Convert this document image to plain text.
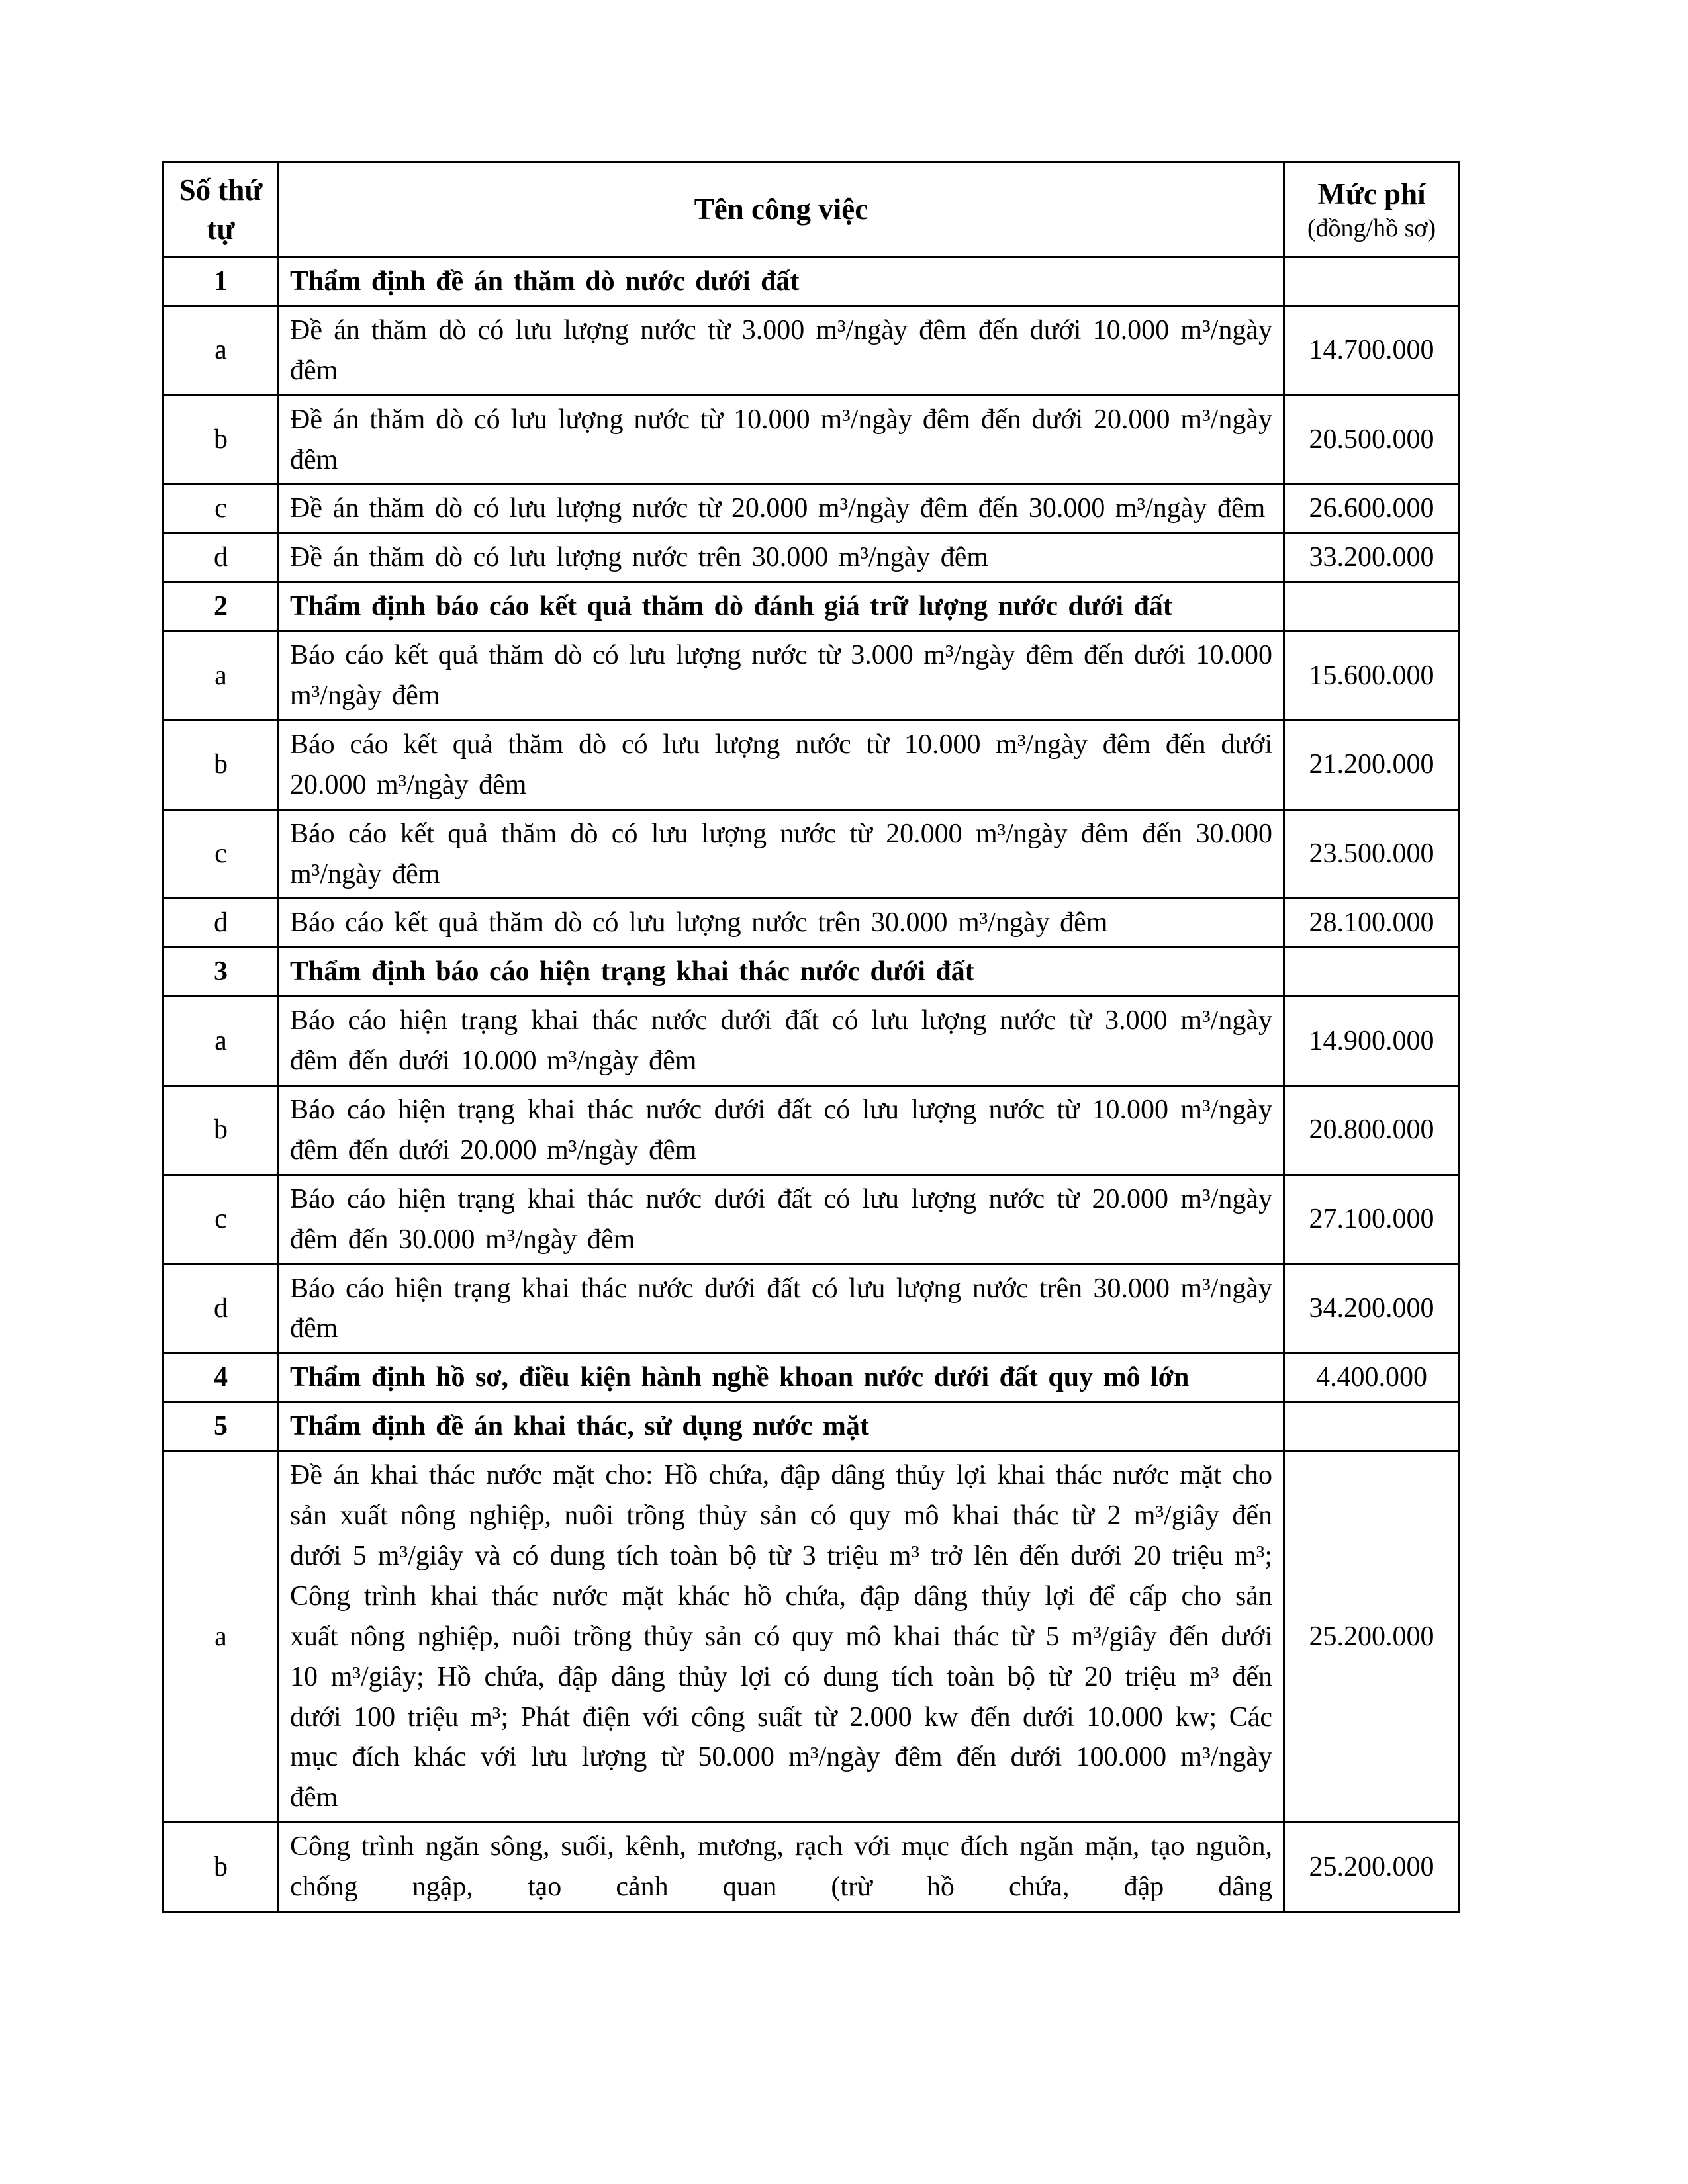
Số thứ tự	Tên công việc	Mức phí
(đồng/hồ sơ)

1	Thẩm định đề án thăm dò nước dưới đất	
a	Đề án thăm dò có lưu lượng nước từ 3.000 m³/ngày đêm đến dưới 10.000 m³/ngày đêm	14.700.000
b	Đề án thăm dò có lưu lượng nước từ 10.000 m³/ngày đêm đến dưới 20.000 m³/ngày đêm	20.500.000
c	Đề án thăm dò có lưu lượng nước từ 20.000 m³/ngày đêm đến 30.000 m³/ngày đêm	26.600.000
d	Đề án thăm dò có lưu lượng nước trên 30.000 m³/ngày đêm	33.200.000
2	Thẩm định báo cáo kết quả thăm dò đánh giá trữ lượng nước dưới đất	
a	Báo cáo kết quả thăm dò có lưu lượng nước từ 3.000 m³/ngày đêm đến dưới 10.000 m³/ngày đêm	15.600.000
b	Báo cáo kết quả thăm dò có lưu lượng nước từ 10.000 m³/ngày đêm đến dưới 20.000 m³/ngày đêm	21.200.000
c	Báo cáo kết quả thăm dò có lưu lượng nước từ 20.000 m³/ngày đêm đến 30.000 m³/ngày đêm	23.500.000
d	Báo cáo kết quả thăm dò có lưu lượng nước trên 30.000 m³/ngày đêm	28.100.000
3	Thẩm định báo cáo hiện trạng khai thác nước dưới đất	
a	Báo cáo hiện trạng khai thác nước dưới đất có lưu lượng nước từ 3.000 m³/ngày đêm đến dưới 10.000 m³/ngày đêm	14.900.000
b	Báo cáo hiện trạng khai thác nước dưới đất có lưu lượng nước từ 10.000 m³/ngày đêm đến dưới 20.000 m³/ngày đêm	20.800.000
c	Báo cáo hiện trạng khai thác nước dưới đất có lưu lượng nước từ 20.000 m³/ngày đêm đến 30.000 m³/ngày đêm	27.100.000
d	Báo cáo hiện trạng khai thác nước dưới đất có lưu lượng nước trên 30.000 m³/ngày đêm	34.200.000
4	Thẩm định hồ sơ, điều kiện hành nghề khoan nước dưới đất quy mô lớn	4.400.000
5	Thẩm định đề án khai thác, sử dụng nước mặt	
a	Đề án khai thác nước mặt cho: Hồ chứa, đập dâng thủy lợi khai thác nước mặt cho sản xuất nông nghiệp, nuôi trồng thủy sản có quy mô khai thác từ 2 m³/giây đến dưới 5 m³/giây và có dung tích toàn bộ từ 3 triệu m³ trở lên đến dưới 20 triệu m³; Công trình khai thác nước mặt khác hồ chứa, đập dâng thủy lợi để cấp cho sản xuất nông nghiệp, nuôi trồng thủy sản có quy mô khai thác từ 5 m³/giây đến dưới 10 m³/giây; Hồ chứa, đập dâng thủy lợi có dung tích toàn bộ từ 20 triệu m³ đến dưới 100 triệu m³; Phát điện với công suất từ 2.000 kw đến dưới 10.000 kw; Các mục đích khác với lưu lượng từ 50.000 m³/ngày đêm đến dưới 100.000 m³/ngày đêm	25.200.000
b	Công trình ngăn sông, suối, kênh, mương, rạch với mục đích ngăn mặn, tạo nguồn, chống ngập, tạo cảnh quan (trừ hồ chứa, đập dâng	25.200.000
